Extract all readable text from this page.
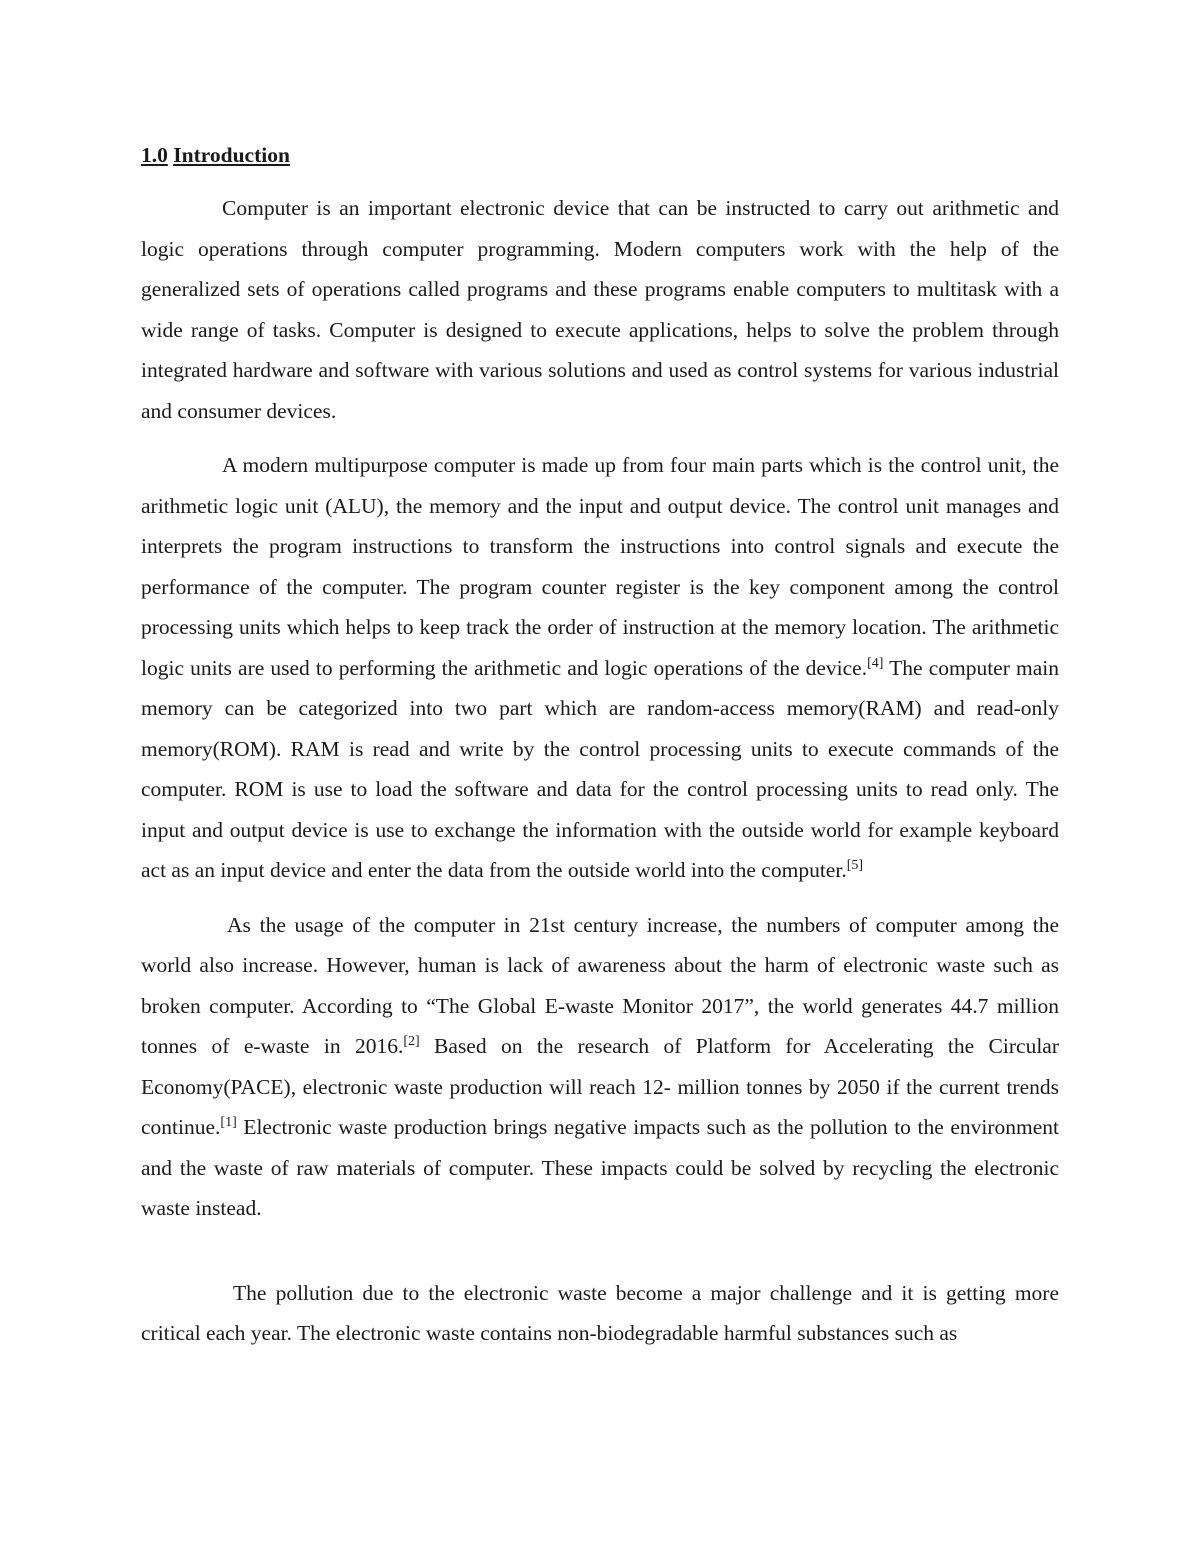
1.0 Introduction

Computer is an important electronic device that can be instructed to carry out arithmetic and logic operations through computer programming. Modern computers work with the help of the generalized sets of operations called programs and these programs enable computers to multitask with a wide range of tasks. Computer is designed to execute applications, helps to solve the problem through integrated hardware and software with various solutions and used as control systems for various industrial and consumer devices.

A modern multipurpose computer is made up from four main parts which is the control unit, the arithmetic logic unit (ALU), the memory and the input and output device. The control unit manages and interprets the program instructions to transform the instructions into control signals and execute the performance of the computer. The program counter register is the key component among the control processing units which helps to keep track the order of instruction at the memory location. The arithmetic logic units are used to performing the arithmetic and logic operations of the device.[4] The computer main memory can be categorized into two part which are random-access memory(RAM) and read-only memory(ROM). RAM is read and write by the control processing units to execute commands of the computer. ROM is use to load the software and data for the control processing units to read only. The input and output device is use to exchange the information with the outside world for example keyboard act as an input device and enter the data from the outside world into the computer.[5]

As the usage of the computer in 21st century increase, the numbers of computer among the world also increase. However, human is lack of awareness about the harm of electronic waste such as broken computer. According to “The Global E-waste Monitor 2017”, the world generates 44.7 million tonnes of e-waste in 2016.[2] Based on the research of Platform for Accelerating the Circular Economy(PACE), electronic waste production will reach 12- million tonnes by 2050 if the current trends continue.[1] Electronic waste production brings negative impacts such as the pollution to the environment and the waste of raw materials of computer. These impacts could be solved by recycling the electronic waste instead.

The pollution due to the electronic waste become a major challenge and it is getting more critical each year. The electronic waste contains non-biodegradable harmful substances such as
